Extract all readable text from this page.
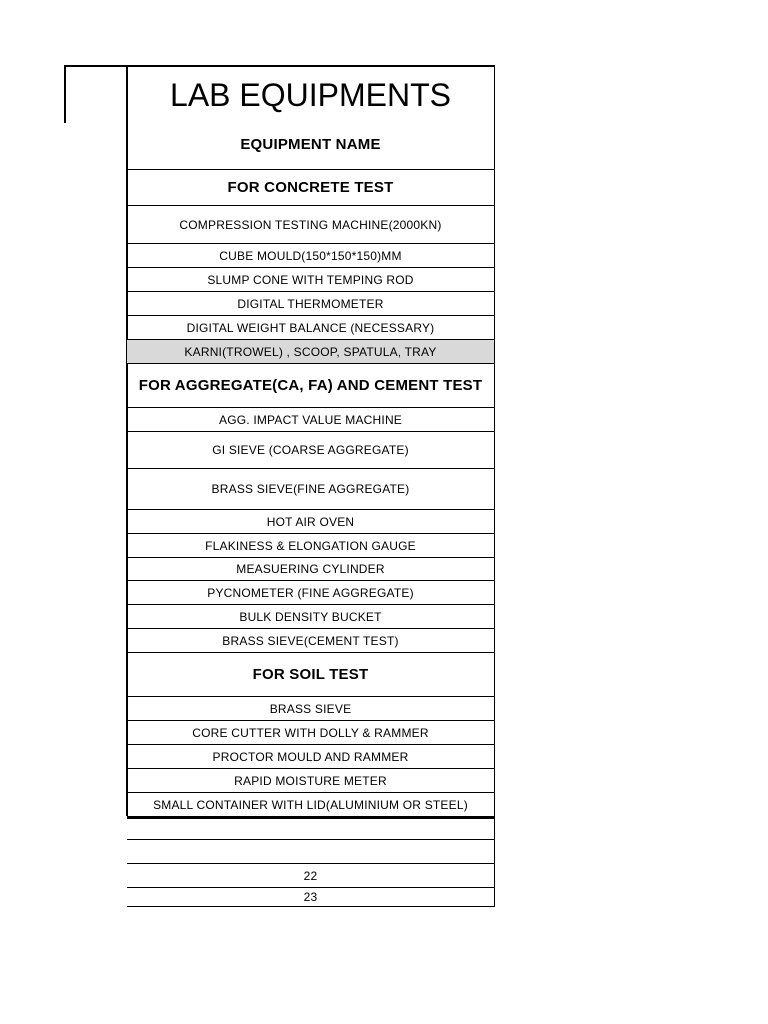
LAB EQUIPMENTS
EQUIPMENT NAME
FOR CONCRETE TEST
COMPRESSION TESTING MACHINE(2000KN)
CUBE MOULD(150*150*150)MM
SLUMP CONE WITH TEMPING ROD
DIGITAL THERMOMETER
DIGITAL WEIGHT BALANCE (NECESSARY)
KARNI(TROWEL) , SCOOP, SPATULA, TRAY
FOR AGGREGATE(CA, FA) AND CEMENT TEST
AGG. IMPACT VALUE MACHINE
GI SIEVE (COARSE AGGREGATE)
BRASS SIEVE(FINE AGGREGATE)
HOT AIR OVEN
FLAKINESS & ELONGATION GAUGE
MEASUERING CYLINDER
PYCNOMETER (FINE AGGREGATE)
BULK DENSITY BUCKET
BRASS SIEVE(CEMENT TEST)
FOR SOIL TEST
BRASS SIEVE
CORE CUTTER WITH DOLLY & RAMMER
PROCTOR MOULD AND RAMMER
RAPID MOISTURE METER
SMALL CONTAINER WITH LID(ALUMINIUM OR STEEL)
22
23
